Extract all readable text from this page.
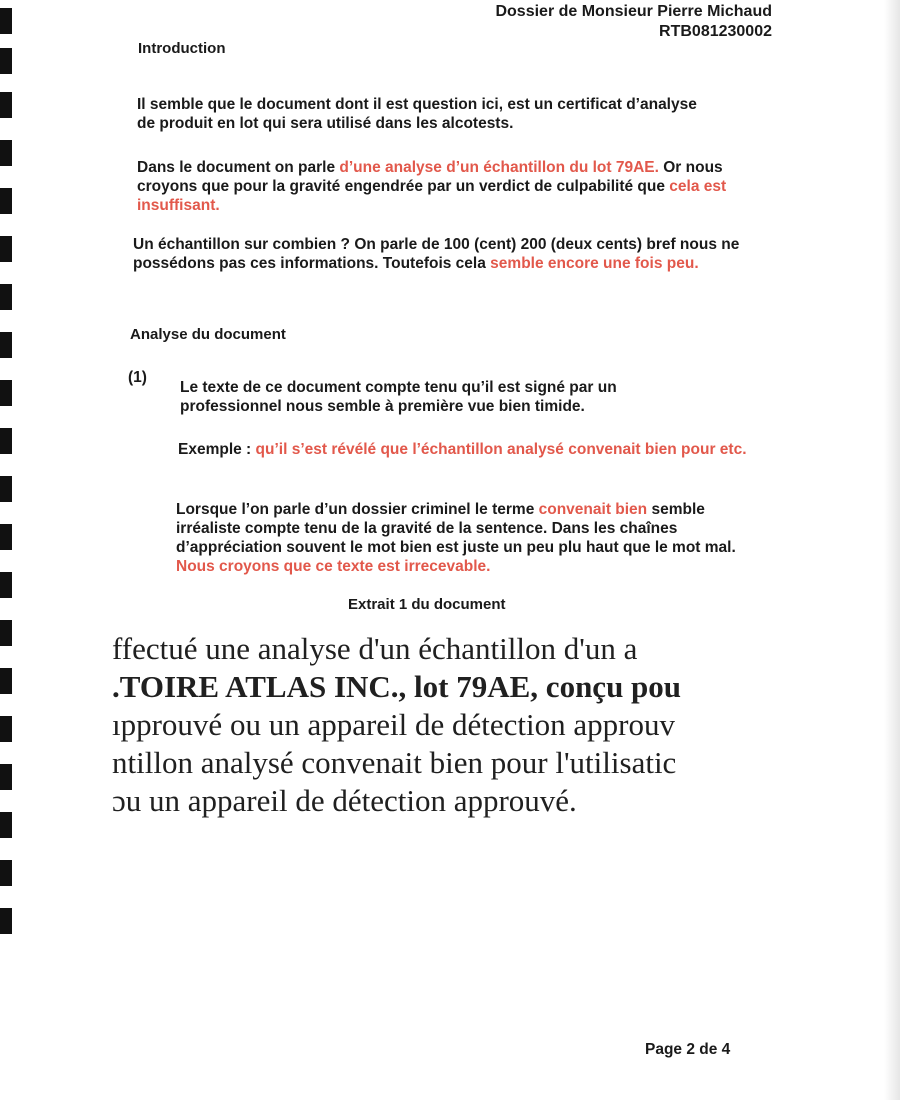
Dossier de Monsieur Pierre Michaud
RTB081230002
Introduction
Il semble que le document dont il est question ici, est un certificat d’analyse de produit en lot qui sera utilisé dans les alcotests.
Dans le document on parle d’une analyse d’un échantillon du lot 79AE. Or nous croyons que pour la gravité engendrée par un verdict de culpabilité que cela est insuffisant.
Un échantillon sur combien ? On parle de 100 (cent) 200 (deux cents) bref nous ne possédons pas ces informations. Toutefois cela semble encore une fois peu.
Analyse du document
(1)
Le texte de ce document compte tenu qu’il est signé par un professionnel nous semble à première vue bien timide.
Exemple : qu’il s’est révélé que l’échantillon analysé convenait bien pour etc.
Lorsque l’on parle d’un dossier criminel le terme convenait bien semble irréaliste compte tenu de la gravité de la sentence. Dans les chaînes d’appréciation souvent le mot bien est juste un peu plu haut que le mot mal. Nous croyons que ce texte est irrecevable.
Extrait 1 du document
ffectué une analyse d'un échantillon d'un a
.TOIRE ATLAS INC., lot 79AE, conçu pou
ıpprouvé ou un appareil de détection approuv
ntillon analysé convenait bien pour l'utilisatic
ɔu un appareil de détection approuvé.
Page 2 de 4
